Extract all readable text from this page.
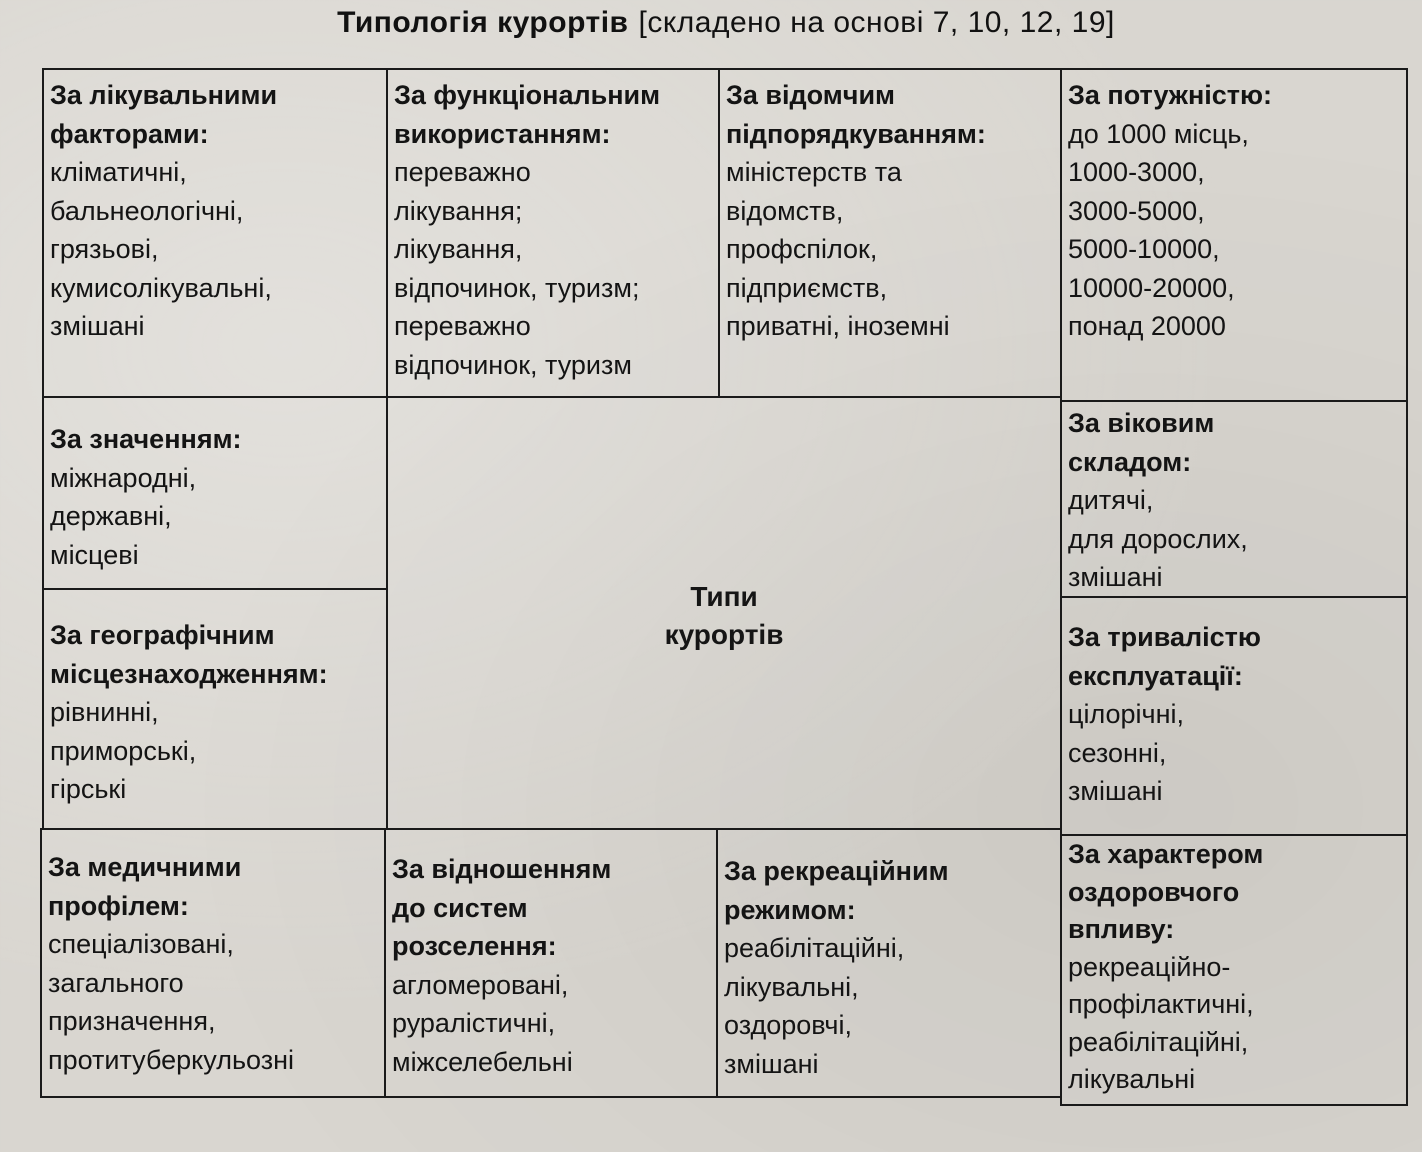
Типологія курортів [складено на основі 7, 10, 12, 19]
За лікувальними
факторами:
кліматичні,
бальнеологічні,
грязьові,
кумисолікувальні,
змішані
За функціональним
використанням:
переважно
лікування;
лікування,
відпочинок, туризм;
переважно
відпочинок, туризм
За відомчим
підпорядкуванням:
міністерств та
відомств,
профспілок,
підприємств,
приватні, іноземні
За потужністю:
до 1000 місць,
1000-3000,
3000-5000,
5000-10000,
10000-20000,
понад 20000
За значенням:
міжнародні,
державні,
місцеві
За географічним
місцезнаходженням:
рівнинні,
приморські,
гірські
Типи
курортів
За віковим
складом:
дитячі,
для дорослих,
змішані
За тривалістю
експлуатації:
цілорічні,
сезонні,
змішані
За медичними
профілем:
спеціалізовані,
загального
призначення,
протитуберкульозні
За відношенням
до систем
розселення:
агломеровані,
руралістичні,
міжселебельні
За рекреаційним
режимом:
реабілітаційні,
лікувальні,
оздоровчі,
змішані
За характером
оздоровчого
впливу:
рекреаційно-
профілактичні,
реабілітаційні,
лікувальні
